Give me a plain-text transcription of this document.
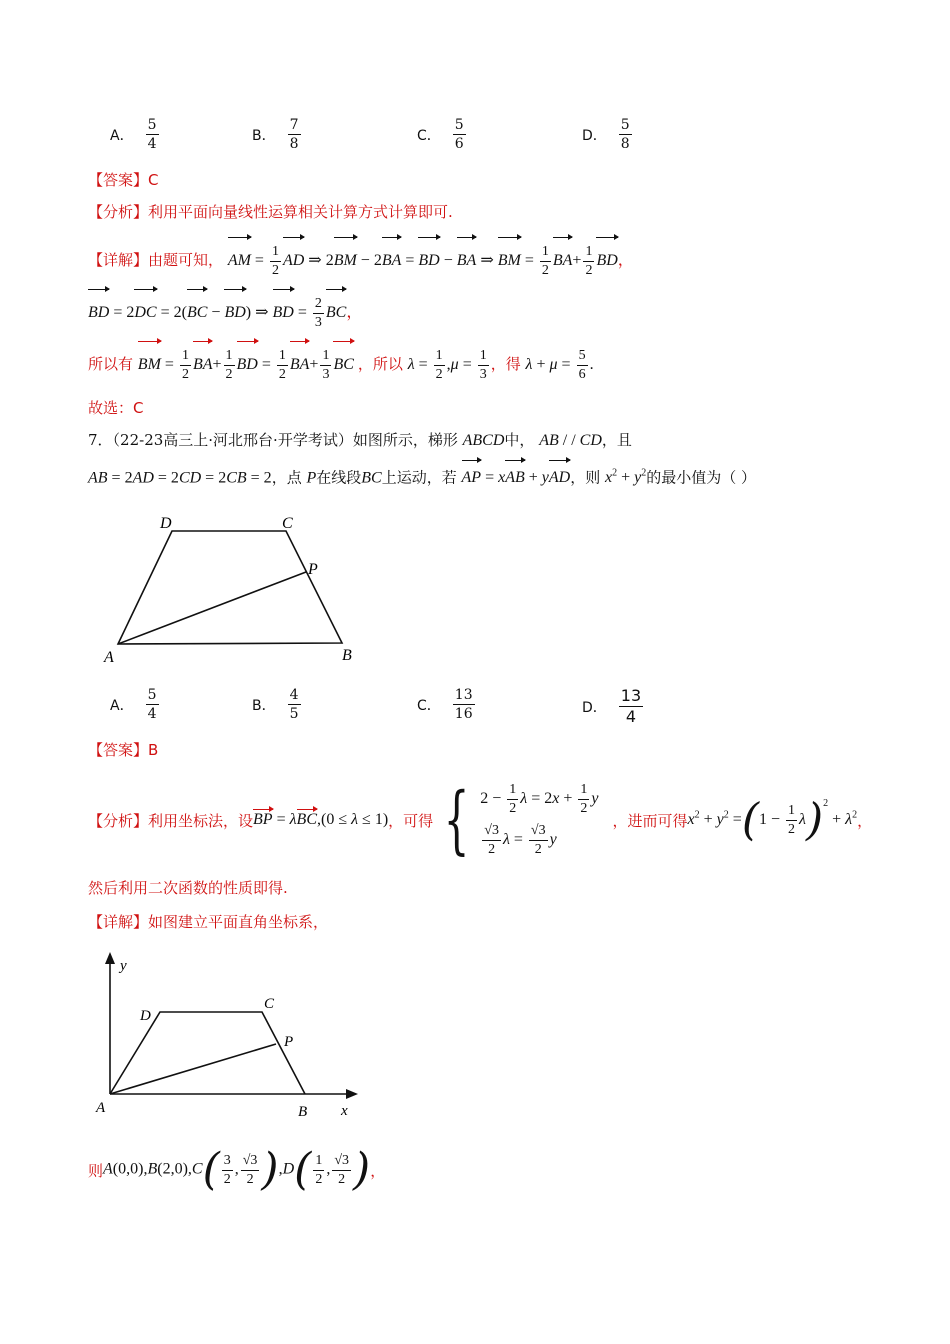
A． $\frac{5}{4}$	B． $\frac{7}{8}$	C． $\frac{5}{6}$	D． $\frac{5}{8}$
【答案】C
【分析】利用平面向量线性运算相关计算方式计算即可.
【详解】由题可知， AM = $\frac{1}{2}$ AD ⇒ 2BM − 2BA = BD − BA ⇒ BM = $\frac{1}{2} BA+ \frac{1}{2}$ BD，
BD = 2DC = 2(BC − BD) ⇒ BD = $\frac{2}{3}$ BC，
所以有 BM = $\frac{1}{2} BA+ \frac{1}{2}$ BD = $\frac{1}{2} BA+ \frac{1}{3}$ BC ，所以 $\lambda = \frac{1}{2} ,\mu = \frac{1}{3}$ ，得 $\lambda + \mu = \frac{5}{6}$ .
故选：C
7．（22-23高三上·河北邢台·开学考试）如图所示，梯形 ABCD中， AB / / CD，且
AB = 2AD = 2CD = 2CB = 2，点 P在线段BC上运动，若 AP = xAB + yAD，则 $x^2 + y^2$的最小值为（ ）
D	C
P
A	B
A． $\frac{5}{4}$	B． $\frac{4}{5}$	C． $\frac{13}{16}$	D． $\frac{13}{4}$
【答案】B
【分析】 利用坐标法，设 BP = λBC,(0 ≤ λ ≤ 1) ，可得 { $2 - \frac{1}{2}$ $\lambda = 2x + \frac{1}{2}$ y
$\frac{√3}{2}$ $\lambda = \frac{√3}{2}$ y
，进而可得 $x^2 + y^2 =(1 - \frac{1}{2} \lambda)^2 + \lambda^2$ ，
然后利用二次函数的性质即得.
【详解】如图建立平面直角坐标系，
y
x
D
C
P
A	B
则 $A(0,0),B(2,0),C( \frac{3}{2}$ , $\frac{√3}{2} ),D( \frac{1}{2}$ , $\frac{√3}{2}$ ) ，
